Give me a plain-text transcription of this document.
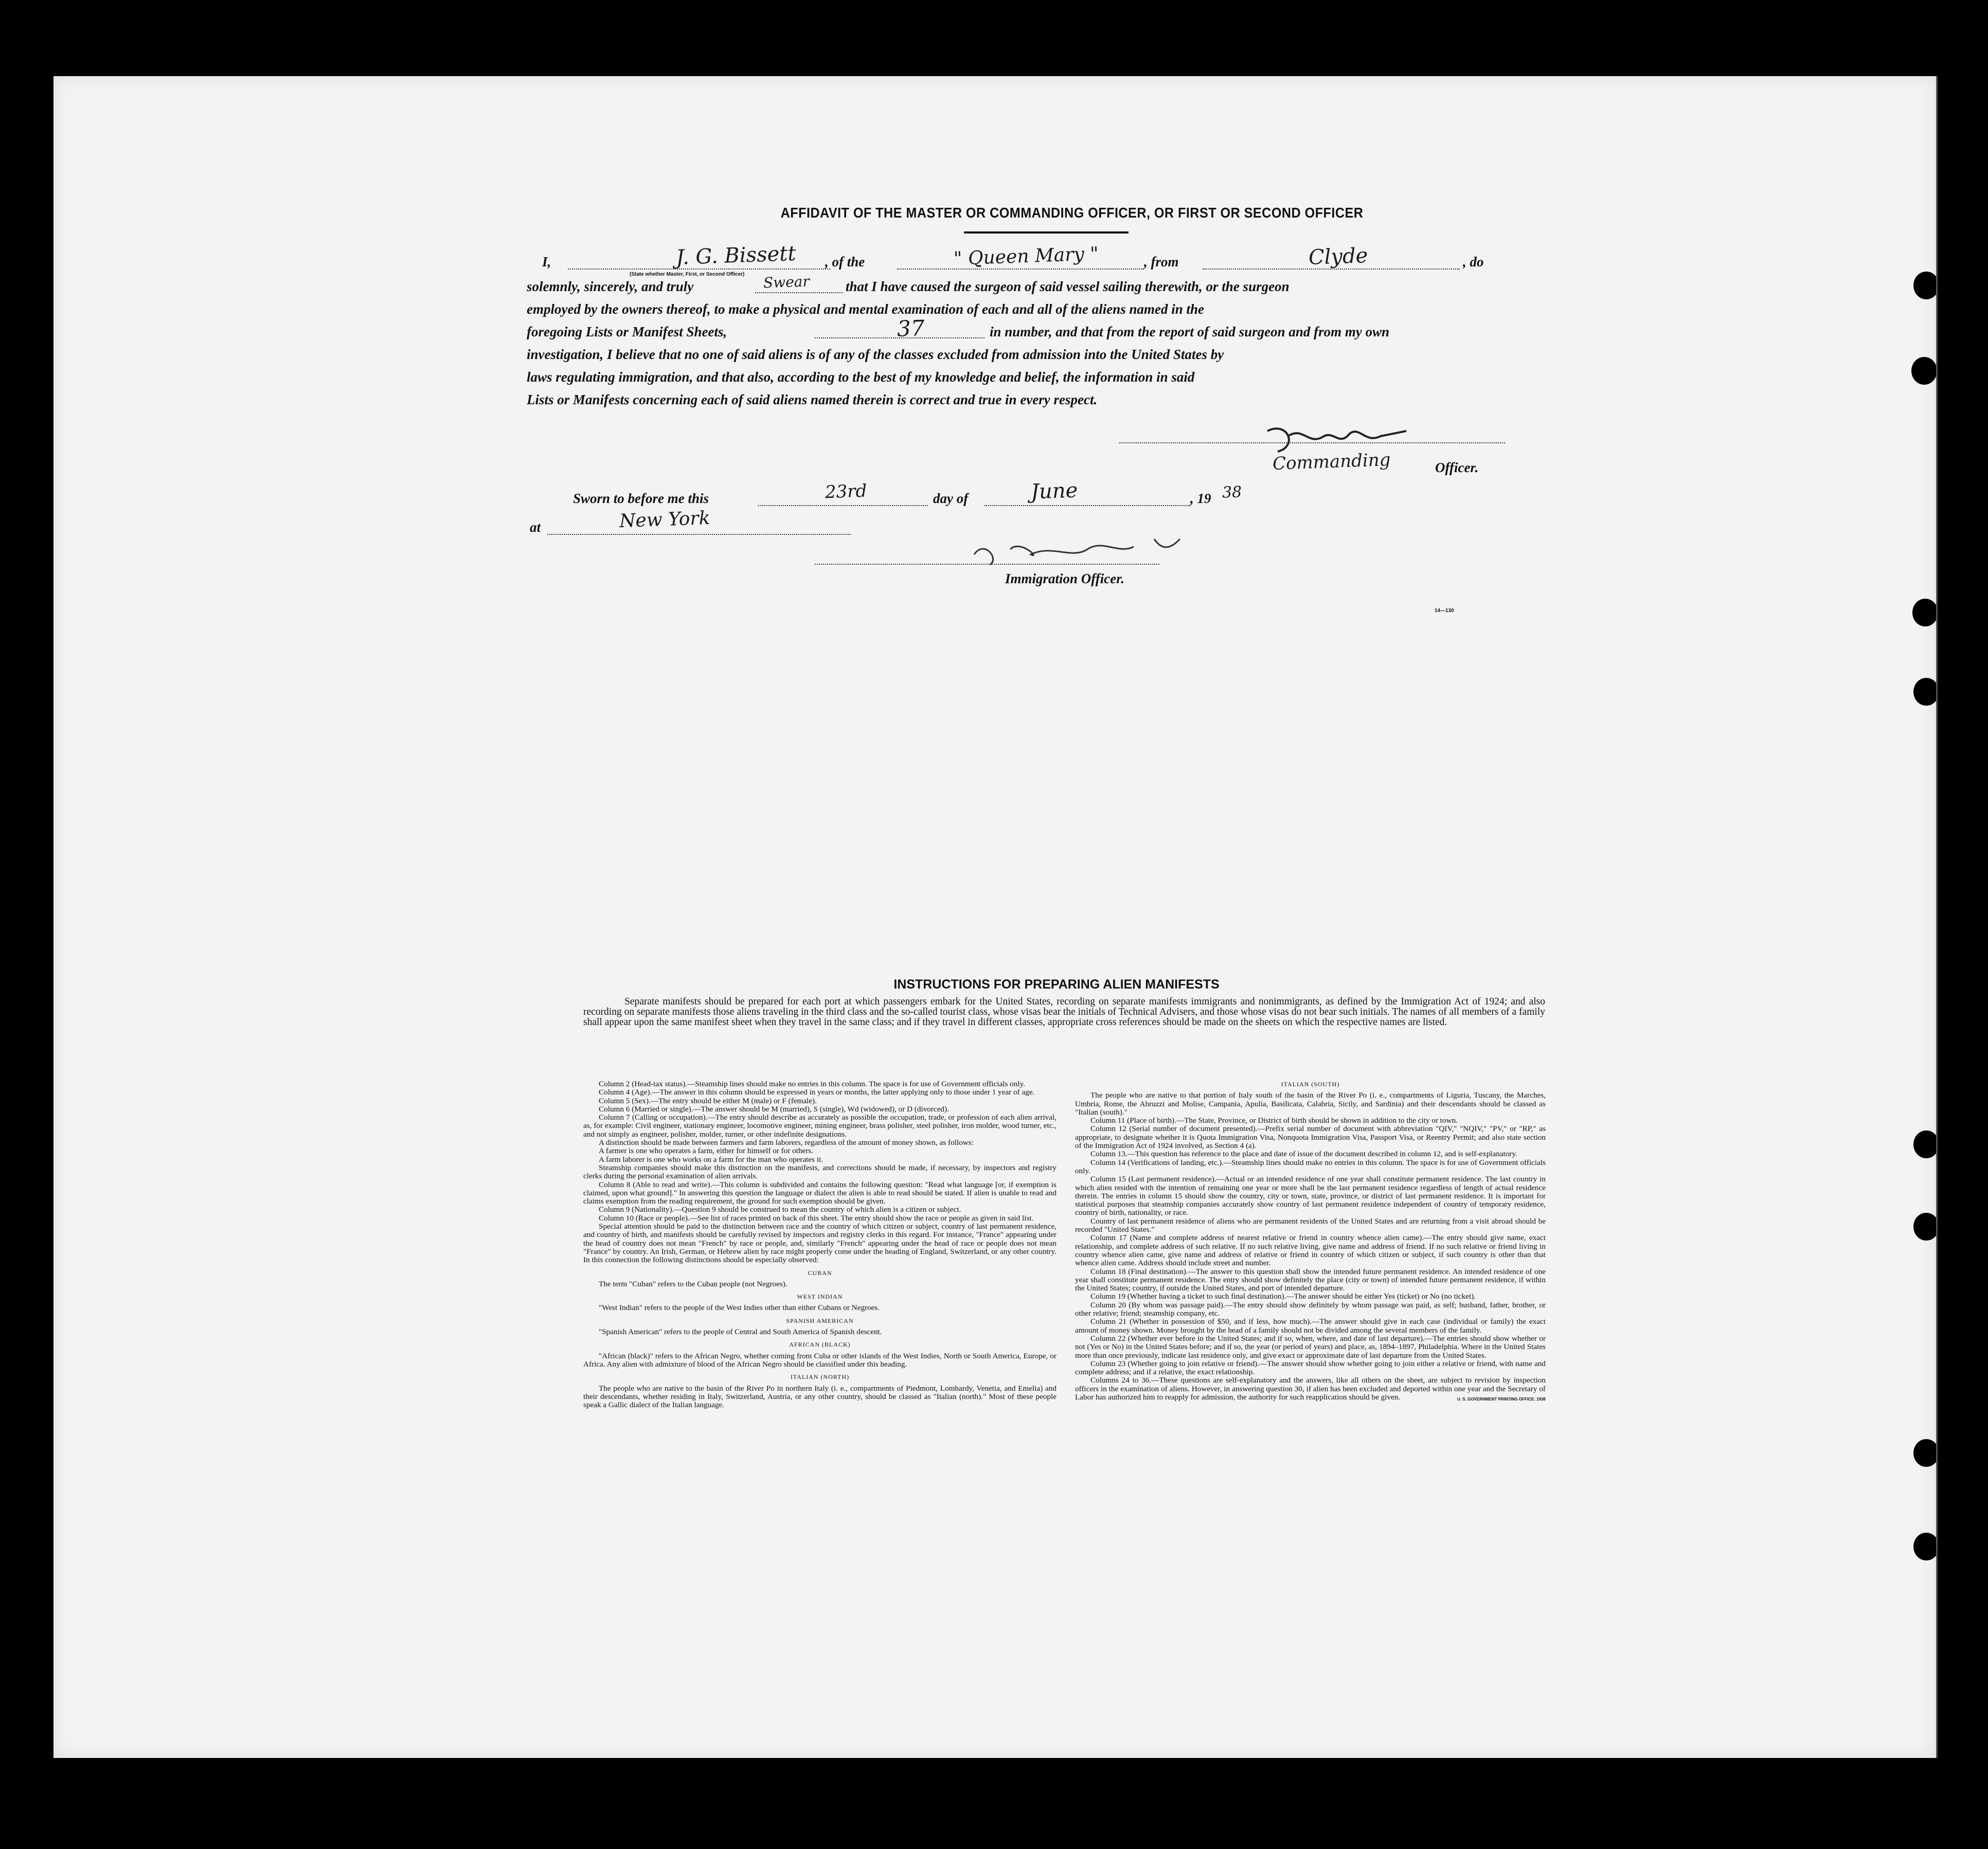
AFFIDAVIT OF THE MASTER OR COMMANDING OFFICER, OR FIRST OR SECOND OFFICER
I,	J. G. Bissett
(State whether Master, First, or Second Officer)
, of the	" Queen Mary "	, from	Clyde	, do
solemnly, sincerely, and truly	Swear	that I have caused the surgeon of said vessel sailing therewith, or the surgeon
employed by the owners thereof, to make a physical and mental examination of each and all of the aliens named in the
foregoing Lists or Manifest Sheets,	37	in number, and that from the report of said surgeon and from my own
investigation, I believe that no one of said aliens is of any of the classes excluded from admission into the United States by
laws regulating immigration, and that also, according to the best of my knowledge and belief, the information in said
Lists or Manifests concerning each of said aliens named therein is correct and true in every respect.
Commanding	Officer.
Sworn to before me this	23rd	day of	June	, 19 38
at	New York
Immigration Officer.
14—130
INSTRUCTIONS FOR PREPARING ALIEN MANIFESTS
Separate manifests should be prepared for each port at which passengers embark for the United States, recording on separate manifests immigrants and nonimmigrants, as defined by the Immigration Act of 1924; and also recording on separate manifests those aliens traveling in the third class and the so-called tourist class, whose visas bear the initials of Technical Advisers, and those whose visas do not bear such initials. The names of all members of a family shall appear upon the same manifest sheet when they travel in the same class; and if they travel in different classes, appropriate cross references should be made on the sheets on which the respective names are listed.

Column 2 (Head-tax status).—Steamship lines should make no entries in this column. The space is for use of Government officials only.

Column 4 (Age).—The answer in this column should be expressed in years or months, the latter applying only to those under 1 year of age.

Column 5 (Sex).—The entry should be either M (male) or F (female).

Column 6 (Married or single).—The answer should be M (married), S (single), Wd (widowed), or D (divorced).

Column 7 (Calling or occupation).—The entry should describe as accurately as possible the occupation, trade, or profession of each alien arrival, as, for example: Civil engineer, stationary engineer, locomotive engineer, mining engineer, brass polisher, steel polisher, iron molder, wood turner, etc., and not simply as engineer, polisher, molder, turner, or other indefinite designations.

A distinction should be made between farmers and farm laborers, regardless of the amount of money shown, as follows:

A farmer is one who operates a farm, either for himself or for others.

A farm laborer is one who works on a farm for the man who operates it.

Steamship companies should make this distinction on the manifests, and corrections should be made, if necessary, by inspectors and registry clerks during the personal examination of alien arrivals.

Column 8 (Able to read and write).—This column is subdivided and contains the following question: "Read what language [or, if exemption is claimed, upon what ground]." In answering this question the language or dialect the alien is able to read should be stated. If alien is unable to read and claims exemption from the reading requirement, the ground for such exemption should be given.

Column 9 (Nationality).—Question 9 should be construed to mean the country of which alien is a citizen or subject.

Column 10 (Race or people).—See list of races printed on back of this sheet. The entry should show the race or people as given in said list.

Special attention should be paid to the distinction between race and the country of which citizen or subject, country of last permanent residence, and country of birth, and manifests should be carefully revised by inspectors and registry clerks in this regard. For instance, "France" appearing under the head of country does not mean "French" by race or people, and, similarly "French" appearing under the head of race or people does not mean "France" by country. An Irish, German, or Hebrew alien by race might properly come under the heading of England, Switzerland, or any other country. In this connection the following distinctions should be especially observed:

CUBAN

The term "Cuban" refers to the Cuban people (not Negroes).

WEST INDIAN

"West Indian" refers to the people of the West Indies other than either Cubans or Negroes.

SPANISH AMERICAN

"Spanish American" refers to the people of Central and South America of Spanish descent.

AFRICAN (BLACK)

"African (black)" refers to the African Negro, whether coming from Cuba or other islands of the West Indies, North or South America, Europe, or Africa. Any alien with admixture of blood of the African Negro should be classified under this heading.

ITALIAN (NORTH)

The people who are native to the basin of the River Po in northern Italy (i. e., compartments of Piedmont, Lombardy, Venetia, and Emelia) and their descendants, whether residing in Italy, Switzerland, Austria, or any other country, should be classed as "Italian (north)." Most of these people speak a Gallic dialect of the Italian language.

ITALIAN (SOUTH)

The people who are native to that portion of Italy south of the basin of the River Po (i. e., compartments of Liguria, Tuscany, the Marches, Umbria, Rome, the Abruzzi and Molise, Campania, Apulia, Basilicata, Calabria, Sicily, and Sardinia) and their descendants should be classed as "Italian (south)."

Column 11 (Place of birth).—The State, Province, or District of birth should be shown in addition to the city or town.

Column 12 (Serial number of document presented).—Prefix serial number of document with abbreviation "QIV," "NQIV," "PV," or "RP," as appropriate, to designate whether it is Quota Immigration Visa, Nonquota Immigration Visa, Passport Visa, or Reentry Permit; and also state section of the Immigration Act of 1924 involved, as Section 4 (a).

Column 13.—This question has reference to the place and date of issue of the document described in column 12, and is self-explanatory.

Column 14 (Verifications of landing, etc.).—Steamship lines should make no entries in this column. The space is for use of Government officials only.

Column 15 (Last permanent residence).—Actual or an intended residence of one year shall constitute permanent residence. The last country in which alien resided with the intention of remaining one year or more shall be the last permanent residence regardless of length of actual residence therein. The entries in column 15 should show the country, city or town, state, province, or district of last permanent residence. It is important for statistical purposes that steamship companies accurately show country of last permanent residence independent of country of temporary residence, country of birth, nationality, or race.

Country of last permanent residence of aliens who are permanent residents of the United States and are returning from a visit abroad should be recorded "United States."

Column 17 (Name and complete address of nearest relative or friend in country whence alien came).—The entry should give name, exact relationship, and complete address of such relative. If no such relative living, give name and address of friend. If no such relative or friend living in country whence alien came, give name and address of relative or friend in country of which citizen or subject, if such country is other than that whence alien came. Address should include street and number.

Column 18 (Final destination).—The answer to this question shall show the intended future permanent residence. An intended residence of one year shall constitute permanent residence. The entry should show definitely the place (city or town) of intended future permanent residence, if within the United States; country, if outside the United States, and port of intended departure.

Column 19 (Whether having a ticket to such final destination).—The answer should be either Yes (ticket) or No (no ticket).

Column 20 (By whom was passage paid).—The entry should show definitely by whom passage was paid, as self; husband, father, brother, or other relative; friend; steamship company, etc.

Column 21 (Whether in possession of $50, and if less, how much).—The answer should give in each case (individual or family) the exact amount of money shown. Money brought by the head of a family should not be divided among the several members of the family.

Column 22 (Whether ever before in the United States; and if so, when, where, and date of last departure).—The entries should show whether or not (Yes or No) in the United States before; and if so, the year (or period of years) and place, as, 1894–1897, Philadelphia. Where in the United States more than once previously, indicate last residence only, and give exact or approximate date of last departure from the United States.

Column 23 (Whether going to join relative or friend).—The answer should show whether going to join either a relative or friend, with name and complete address; and if a relative, the exact relationship.

Columns 24 to 36.—These questions are self-explanatory and the answers, like all others on the sheet, are subject to revision by inspection officers in the examination of aliens. However, in answering question 30, if alien has been excluded and deported within one year and the Secretary of Labor has authorized him to reapply for admission, the authority for such reapplication should be given.	U. S. GOVERNMENT PRINTING OFFICE: 1938
